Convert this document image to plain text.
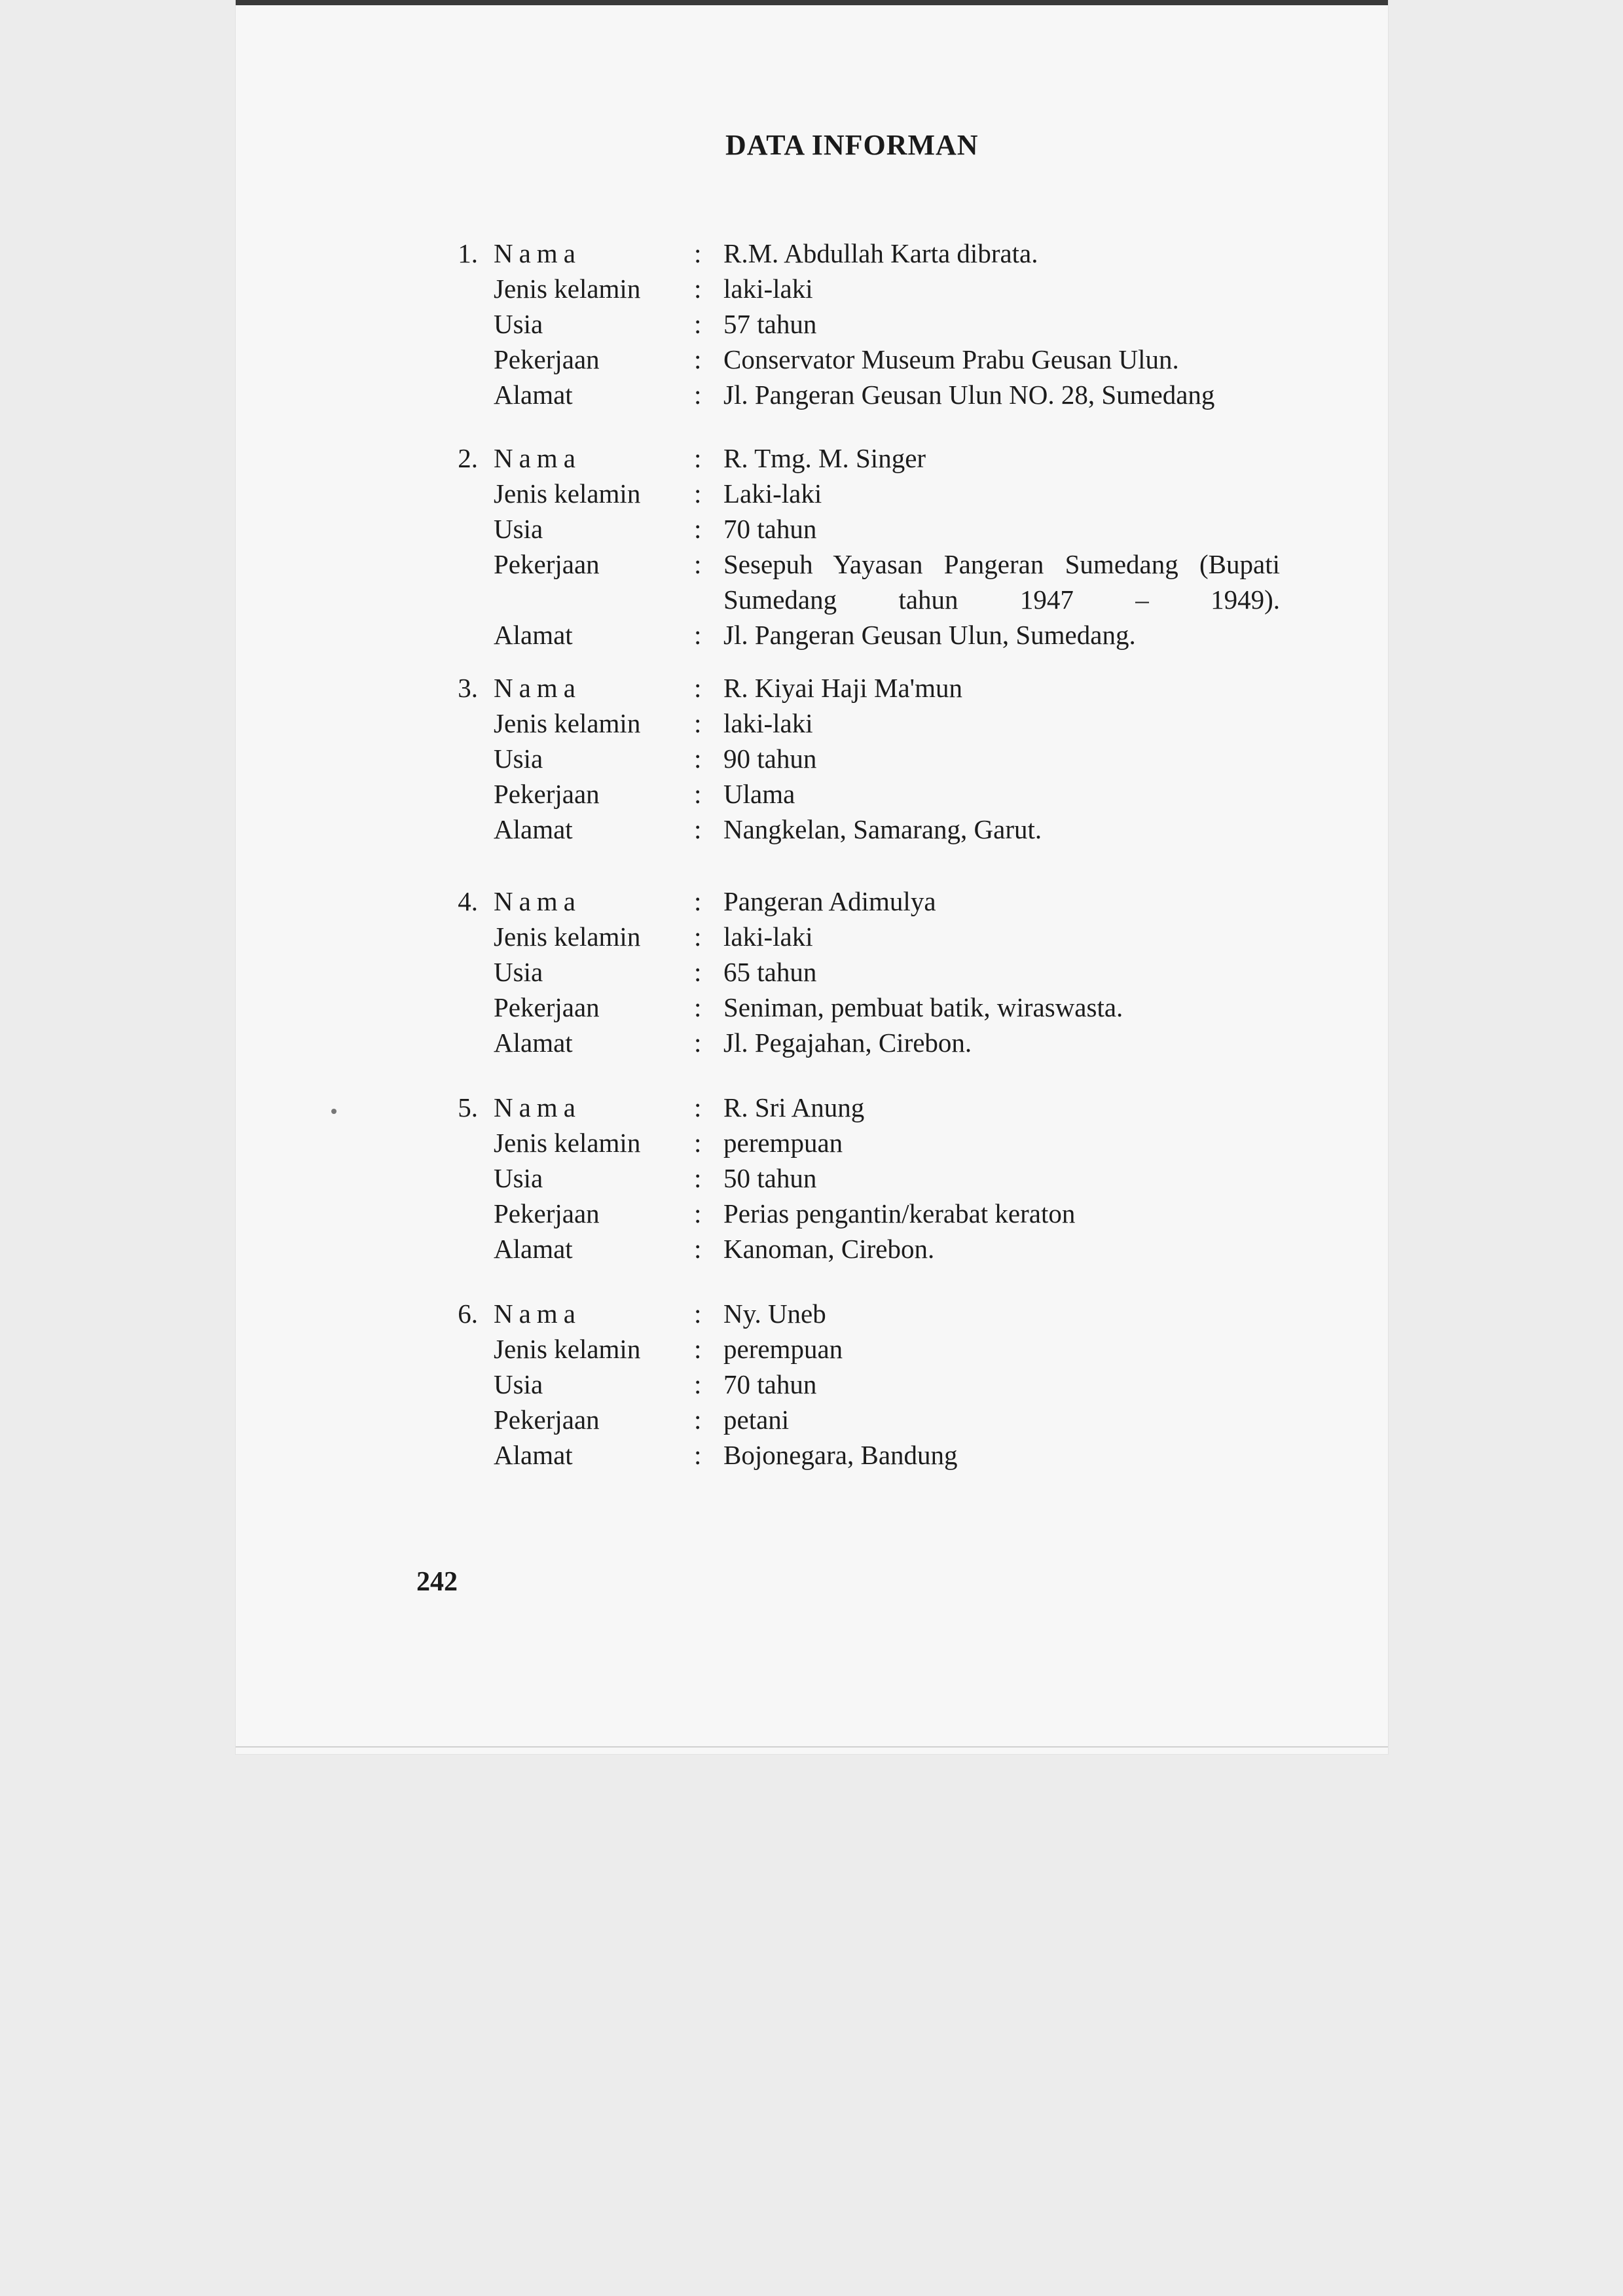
DATA INFORMAN
1. Nama	: R.M. Abdullah Karta dibrata.
Jenis kelamin : laki-laki
Usia	: 57 tahun
Pekerjaan	: Conservator Museum Prabu Geusan Ulun.
Alamat	: Jl. Pangeran Geusan Ulun NO. 28, Sumedang
2. Nama	: R. Tmg. M. Singer
Jenis kelamin : Laki-laki
Usia	: 70 tahun
Pekerjaan	: Sesepuh Yayasan Pangeran Sumedang (Bupati Sumedang tahun 1947 – 1949).
Alamat	: Jl. Pangeran Geusan Ulun, Sumedang.
3. Nama	: R. Kiyai Haji Ma'mun
Jenis kelamin : laki-laki
Usia	: 90 tahun
Pekerjaan	: Ulama
Alamat	: Nangkelan, Samarang, Garut.
4. Nama	: Pangeran Adimulya
Jenis kelamin : laki-laki
Usia	: 65 tahun
Pekerjaan	: Seniman, pembuat batik, wiraswasta.
Alamat	: Jl. Pegajahan, Cirebon.
5. Nama	: R. Sri Anung
Jenis kelamin : perempuan
Usia	: 50 tahun
Pekerjaan	: Perias pengantin/kerabat keraton
Alamat	: Kanoman, Cirebon.
6. Nama	: Ny. Uneb
Jenis kelamin : perempuan
Usia	: 70 tahun
Pekerjaan	: petani
Alamat	: Bojonegara, Bandung
242
